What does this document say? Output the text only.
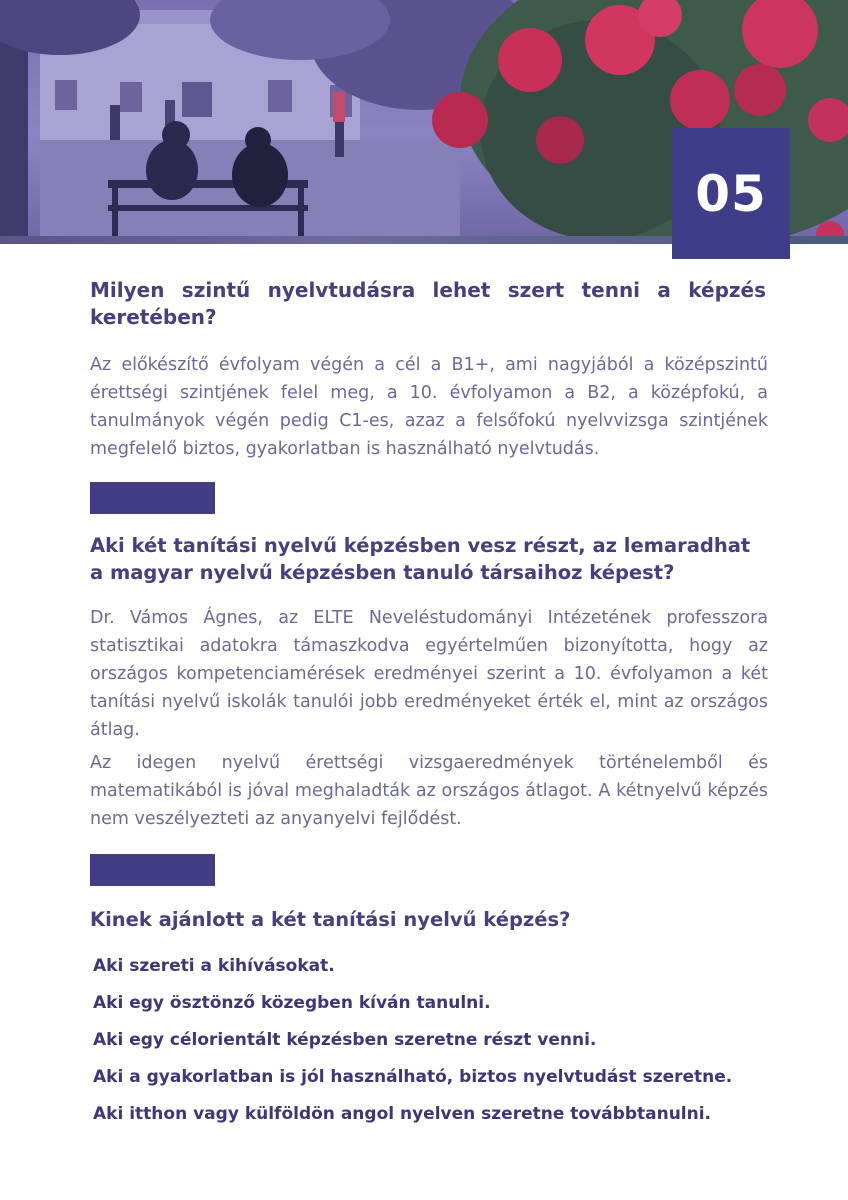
05
Milyen szintű nyelvtudásra lehet szert tenni a képzés keretében?

Az előkészítő évfolyam végén a cél a B1+, ami nagyjából a középszintű érettségi szintjének felel meg, a 10. évfolyamon a B2, a középfokú, a tanulmányok végén pedig C1-es, azaz a felsőfokú nyelvvizsga szintjének megfelelő biztos, gyakorlatban is használható nyelvtudás.

Aki két tanítási nyelvű képzésben vesz részt, az lemaradhat a magyar nyelvű képzésben tanuló társaihoz képest?

Dr. Vámos Ágnes, az ELTE Neveléstudományi Intézetének professzora statisztikai adatokra támaszkodva egyértelműen bizonyította, hogy az országos kompetenciamérések eredményei szerint a 10. évfolyamon a két tanítási nyelvű iskolák tanulói jobb eredményeket érték el, mint az országos átlag.

Az idegen nyelvű érettségi vizsgaeredmények történelemből és matematikából is jóval meghaladták az országos átlagot. A kétnyelvű képzés nem veszélyezteti az anyanyelvi fejlődést.

Kinek ajánlott a két tanítási nyelvű képzés?
Aki szereti a kihívásokat.
Aki egy ösztönző közegben kíván tanulni.
Aki egy célorientált képzésben szeretne részt venni.
Aki a gyakorlatban is jól használható, biztos nyelvtudást szeretne.
Aki itthon vagy külföldön angol nyelven szeretne továbbtanulni.
